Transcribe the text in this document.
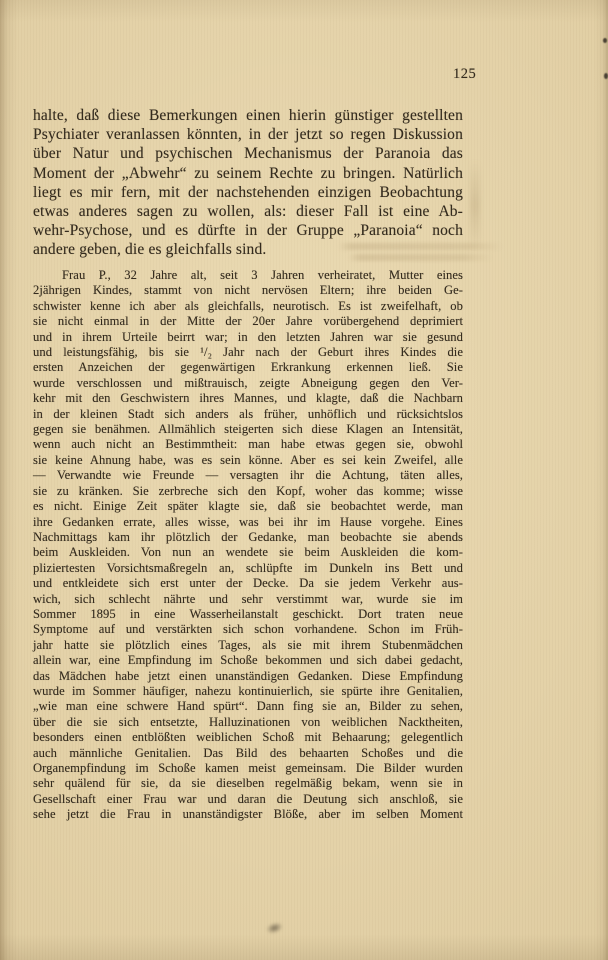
125
halte, daß diese Bemerkungen einen hierin günstiger gestellten
Psychiater veranlassen könnten, in der jetzt so regen Diskussion
über Natur und psychischen Mechanismus der Paranoia das
Moment der „Abwehr“ zu seinem Rechte zu bringen. Natürlich
liegt es mir fern, mit der nachstehenden einzigen Beobachtung
etwas anderes sagen zu wollen, als: dieser Fall ist eine Ab-
wehr-Psychose, und es dürfte in der Gruppe „Paranoia“ noch
andere geben, die es gleichfalls sind.
Frau P., 32 Jahre alt, seit 3 Jahren verheiratet, Mutter eines
2jährigen Kindes, stammt von nicht nervösen Eltern; ihre beiden Ge-
schwister kenne ich aber als gleichfalls, neurotisch. Es ist zweifelhaft, ob
sie nicht einmal in der Mitte der 20er Jahre vorübergehend deprimiert
und in ihrem Urteile beirrt war; in den letzten Jahren war sie gesund
und leistungsfähig, bis sie ¹/₂ Jahr nach der Geburt ihres Kindes die
ersten Anzeichen der gegenwärtigen Erkrankung erkennen ließ. Sie
wurde verschlossen und mißtrauisch, zeigte Abneigung gegen den Ver-
kehr mit den Geschwistern ihres Mannes, und klagte, daß die Nachbarn
in der kleinen Stadt sich anders als früher, unhöflich und rücksichtslos
gegen sie benähmen. Allmählich steigerten sich diese Klagen an Intensität,
wenn auch nicht an Bestimmtheit: man habe etwas gegen sie, obwohl
sie keine Ahnung habe, was es sein könne. Aber es sei kein Zweifel, alle
— Verwandte wie Freunde — versagten ihr die Achtung, täten alles,
sie zu kränken. Sie zerbreche sich den Kopf, woher das komme; wisse
es nicht. Einige Zeit später klagte sie, daß sie beobachtet werde, man
ihre Gedanken errate, alles wisse, was bei ihr im Hause vorgehe. Eines
Nachmittags kam ihr plötzlich der Gedanke, man beobachte sie abends
beim Auskleiden. Von nun an wendete sie beim Auskleiden die kom-
pliziertesten Vorsichtsmaßregeln an, schlüpfte im Dunkeln ins Bett und
und entkleidete sich erst unter der Decke. Da sie jedem Verkehr aus-
wich, sich schlecht nährte und sehr verstimmt war, wurde sie im
Sommer 1895 in eine Wasserheilanstalt geschickt. Dort traten neue
Symptome auf und verstärkten sich schon vorhandene. Schon im Früh-
jahr hatte sie plötzlich eines Tages, als sie mit ihrem Stubenmädchen
allein war, eine Empfindung im Schoße bekommen und sich dabei gedacht,
das Mädchen habe jetzt einen unanständigen Gedanken. Diese Empfindung
wurde im Sommer häufiger, nahezu kontinuierlich, sie spürte ihre Genitalien,
„wie man eine schwere Hand spürt“. Dann fing sie an, Bilder zu sehen,
über die sie sich entsetzte, Halluzinationen von weiblichen Nacktheiten,
besonders einen entblößten weiblichen Schoß mit Behaarung; gelegentlich
auch männliche Genitalien. Das Bild des behaarten Schoßes und die
Organempfindung im Schoße kamen meist gemeinsam. Die Bilder wurden
sehr quälend für sie, da sie dieselben regelmäßig bekam, wenn sie in
Gesellschaft einer Frau war und daran die Deutung sich anschloß, sie
sehe jetzt die Frau in unanständigster Blöße, aber im selben Moment
